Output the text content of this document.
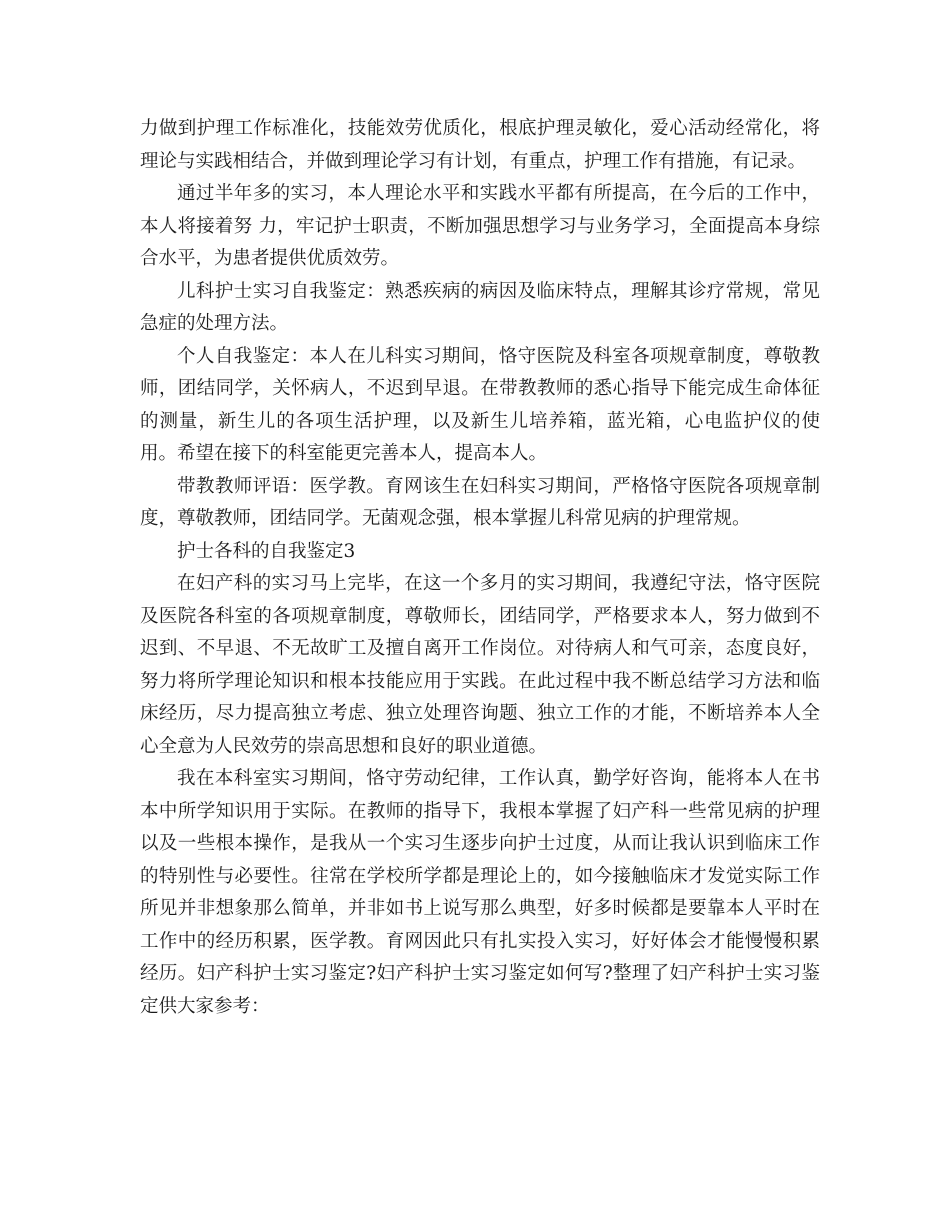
力做到护理工作标准化，技能效劳优质化，根底护理灵敏化，爱心活动经常化，将理论与实践相结合，并做到理论学习有计划，有重点，护理工作有措施，有记录。

通过半年多的实习，本人理论水平和实践水平都有所提高，在今后的工作中，本人将接着努 力，牢记护士职责，不断加强思想学习与业务学习，全面提高本身综合水平，为患者提供优质效劳。

儿科护士实习自我鉴定：熟悉疾病的病因及临床特点，理解其诊疗常规，常见急症的处理方法。

个人自我鉴定：本人在儿科实习期间，恪守医院及科室各项规章制度，尊敬教师，团结同学，关怀病人，不迟到早退。在带教教师的悉心指导下能完成生命体征的测量，新生儿的各项生活护理，以及新生儿培养箱，蓝光箱，心电监护仪的使用。希望在接下的科室能更完善本人，提高本人。

带教教师评语：医学教。育网该生在妇科实习期间，严格恪守医院各项规章制度，尊敬教师，团结同学。无菌观念强，根本掌握儿科常见病的护理常规。

护士各科的自我鉴定3

在妇产科的实习马上完毕，在这一个多月的实习期间，我遵纪守法，恪守医院及医院各科室的各项规章制度，尊敬师长，团结同学，严格要求本人，努力做到不迟到、不早退、不无故旷工及擅自离开工作岗位。对待病人和气可亲，态度良好，努力将所学理论知识和根本技能应用于实践。在此过程中我不断总结学习方法和临床经历，尽力提高独立考虑、独立处理咨询题、独立工作的才能，不断培养本人全心全意为人民效劳的崇高思想和良好的职业道德。

我在本科室实习期间，恪守劳动纪律，工作认真，勤学好咨询，能将本人在书本中所学知识用于实际。在教师的指导下，我根本掌握了妇产科一些常见病的护理以及一些根本操作，是我从一个实习生逐步向护士过度，从而让我认识到临床工作的特别性与必要性。往常在学校所学都是理论上的，如今接触临床才发觉实际工作所见并非想象那么简单，并非如书上说写那么典型，好多时候都是要靠本人平时在工作中的经历积累，医学教。育网因此只有扎实投入实习，好好体会才能慢慢积累经历。妇产科护士实习鉴定?妇产科护士实习鉴定如何写?整理了妇产科护士实习鉴定供大家参考：
